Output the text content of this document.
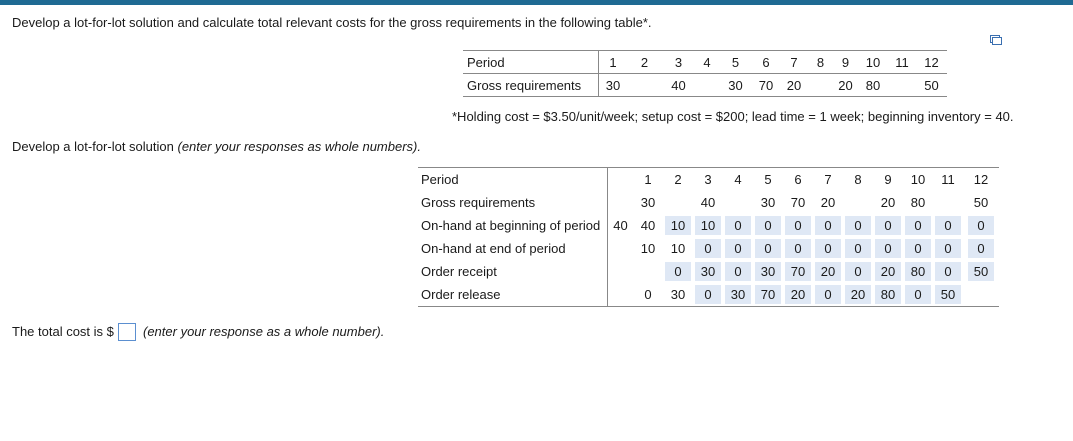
Develop a lot-for-lot solution and calculate total relevant costs for the gross requirements in the following table*.
Period	1	2	3	4	5	6	7	8	9	10	11	12
Gross requirements	30		40		30	70	20		20	80		50
*Holding cost = $3.50/unit/week; setup cost = $200; lead time = 1 week; beginning inventory = 40.
Develop a lot-for-lot solution (enter your responses as whole numbers).
Period		1	2	3	4	5	6	7	8	9	10	11	12
Gross requirements		30		40		30	70	20		20	80		50
On-hand at beginning of period	40	40	10	10	0	0	0	0	0	0	0	0	0
On-hand at end of period		10	10	0	0	0	0	0	0	0	0	0	0
Order receipt			0	30	0	30	70	20	0	20	80	0	50
Order release		0	30	0	30	70	20	0	20	80	0	50	
The total cost is $ (enter your response as a whole number).
